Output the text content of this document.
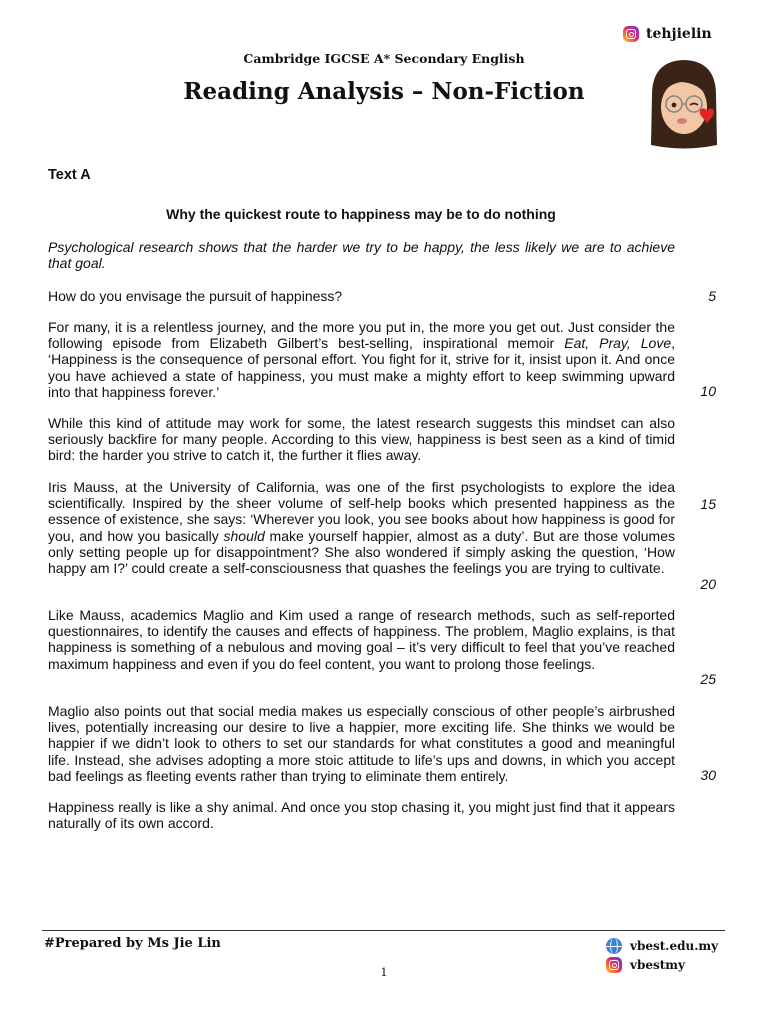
tehjielin
Cambridge IGCSE A* Secondary English
Reading Analysis – Non-Fiction
Text A
Why the quickest route to happiness may be to do nothing
Psychological research shows that the harder we try to be happy, the less likely we are to achieve that goal.
How do you envisage the pursuit of happiness?
For many, it is a relentless journey, and the more you put in, the more you get out. Just consider the following episode from Elizabeth Gilbert’s best-selling, inspirational memoir Eat, Pray, Love, ‘Happiness is the consequence of personal effort. You fight for it, strive for it, insist upon it. And once you have achieved a state of happiness, you must make a mighty effort to keep swimming upward into that happiness forever.’
While this kind of attitude may work for some, the latest research suggests this mindset can also seriously backfire for many people. According to this view, happiness is best seen as a kind of timid bird: the harder you strive to catch it, the further it flies away.
Iris Mauss, at the University of California, was one of the first psychologists to explore the idea scientifically. Inspired by the sheer volume of self-help books which presented happiness as the essence of existence, she says: ‘Wherever you look, you see books about how happiness is good for you, and how you basically should make yourself happier, almost as a duty’. But are those volumes only setting people up for disappointment? She also wondered if simply asking the question, ‘How happy am I?’ could create a self-consciousness that quashes the feelings you are trying to cultivate.
Like Mauss, academics Maglio and Kim used a range of research methods, such as self-reported questionnaires, to identify the causes and effects of happiness. The problem, Maglio explains, is that happiness is something of a nebulous and moving goal – it’s very difficult to feel that you’ve reached maximum happiness and even if you do feel content, you want to prolong those feelings.
Maglio also points out that social media makes us especially conscious of other people’s airbrushed lives, potentially increasing our desire to live a happier, more exciting life. She thinks we would be happier if we didn’t look to others to set our standards for what constitutes a good and meaningful life. Instead, she advises adopting a more stoic attitude to life’s ups and downs, in which you accept bad feelings as fleeting events rather than trying to eliminate them entirely.
Happiness really is like a shy animal. And once you stop chasing it, you might just find that it appears naturally of its own accord.
5
10
15
20
25
30
#Prepared by Ms Jie Lin
1
vbest.edu.my
vbestmy
